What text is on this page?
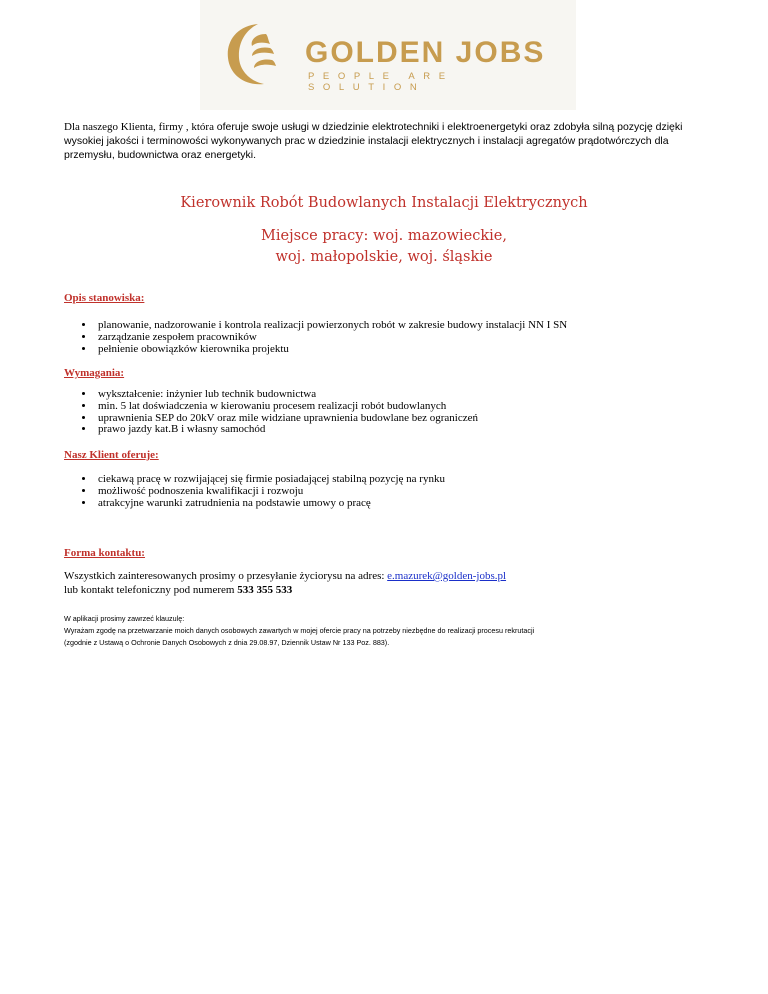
GOLDEN JOBS
PEOPLE ARE SOLUTION
Dla naszego Klienta, firmy , która oferuje swoje usługi w dziedzinie elektrotechniki i elektroenergetyki oraz zdobyła silną pozycję dzięki wysokiej jakości i terminowości wykonywanych prac w dziedzinie instalacji elektrycznych i instalacji agregatów prądotwórczych dla przemysłu, budownictwa oraz energetyki.
Kierownik Robót Budowlanych Instalacji Elektrycznych
Miejsce pracy: woj. mazowieckie,
woj. małopolskie, woj. śląskie
Opis stanowiska:
• planowanie, nadzorowanie i kontrola realizacji powierzonych robót w zakresie budowy instalacji NN I SN
• zarządzanie zespołem pracowników
• pełnienie obowiązków kierownika projektu
Wymagania:
• wykształcenie: inżynier lub technik budownictwa
• min. 5 lat doświadczenia w kierowaniu procesem realizacji robót budowlanych
• uprawnienia SEP do 20kV oraz mile widziane uprawnienia budowlane bez ograniczeń
• prawo jazdy kat.B i własny samochód
Nasz Klient oferuje:
• ciekawą pracę w rozwijającej się firmie posiadającej stabilną pozycję na rynku
• możliwość podnoszenia kwalifikacji i rozwoju
• atrakcyjne warunki zatrudnienia na podstawie umowy o pracę
Forma kontaktu:
Wszystkich zainteresowanych prosimy o przesyłanie życiorysu na adres: e.mazurek@golden-jobs.pl
lub kontakt telefoniczny pod numerem 533 355 533
W aplikacji prosimy zawrzeć klauzulę:
Wyrażam zgodę na przetwarzanie moich danych osobowych zawartych w mojej ofercie pracy na potrzeby niezbędne do realizacji procesu rekrutacji
(zgodnie z Ustawą o Ochronie Danych Osobowych z dnia 29.08.97, Dziennik Ustaw Nr 133 Poz. 883).
